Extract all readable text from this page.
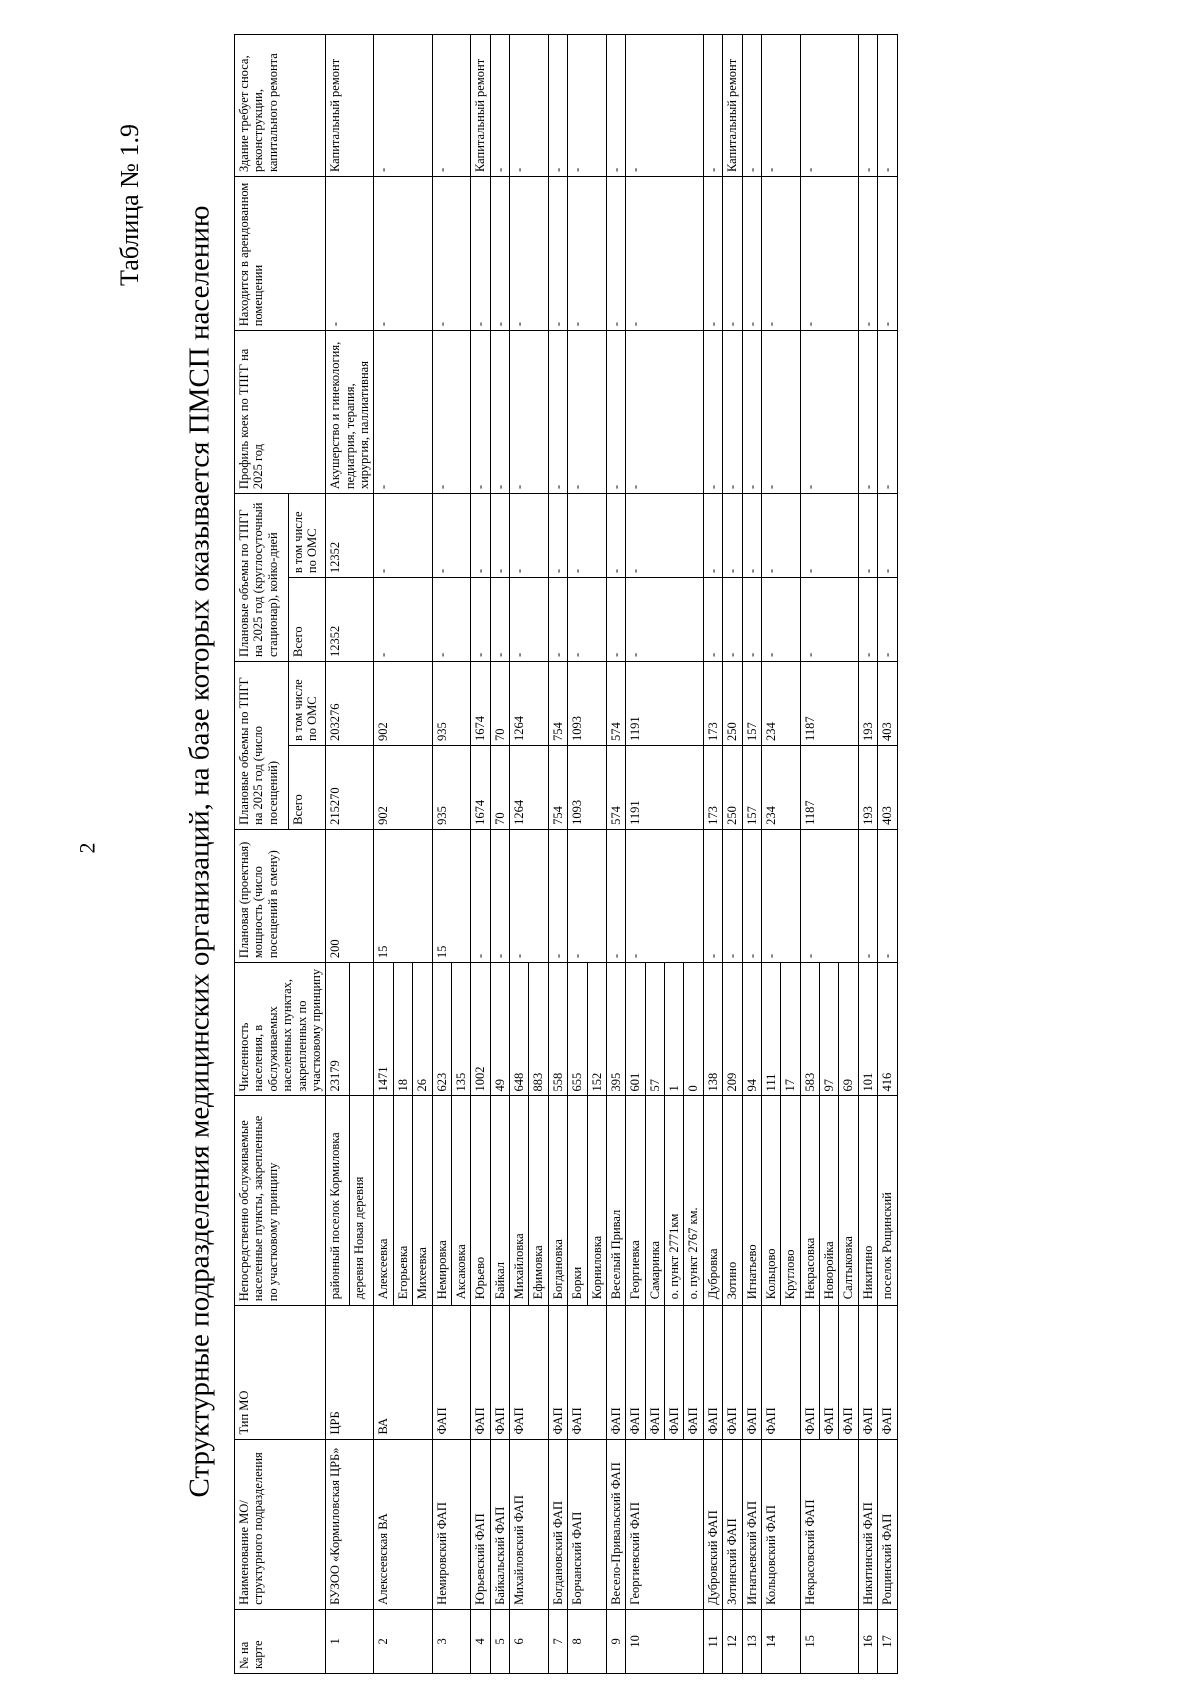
2
Таблица № 1.9
Структурные подразделения медицинских организаций, на базе которых оказывается ПМСП населению
№ на карте	Наименование МО/ структурного подразделения	Тип МО	Непосредственно обслуживаемые населенные пункты, закрепленные по участковому принципу	Численность населения, в обслуживаемых населенных пунктах, закрепленных по участковому принципу	Плановая (проектная) мощность (число посещений в смену)	Плановые объемы по ТПГГ на 2025 год (число посещений)		Плановые объемы по ТПГГ на 2025 год (круглосуточный стационар), койко-дней		Профиль коек по ТПГГ на 2025 год	Находится в арендованном помещении	Здание требует сноса, реконструкции, капитального ремонта
						Всего	в том числе по ОМС	Всего	в том числе по ОМС			
1	БУЗОО «Кормиловская ЦРБ»	ЦРБ	районный поселок Кормиловка	23179	200	215270	203276	12352	12352	Акушерство и гинекология, педиатрия, терапия, хирургия, паллиативная	-	Капитальный ремонт
			деревня Новая деревня									
2	Алексеевская ВА	ВА	Алексеевка	1471	15	902	902	-	-	-	-	-
			Егорьевка	18								
			Михеевка	26								
3	Немировский ФАП	ФАП	Немировка	623	15	935	935	-	-	-	-	-
			Аксаковка	135								
4	Юрьевский ФАП	ФАП	Юрьево	1002	-	1674	1674	-	-	-	-	Капитальный ремонт
5	Байкальский ФАП	ФАП	Байкал	49	-	70	70	-	-	-	-	-
6	Михайловский ФАП	ФАП	Михайловка	648	-	1264	1264	-	-	-	-	-
			Ефимовка	883								
7	Богдановский ФАП	ФАП	Богдановка	558	-	754	754	-	-	-	-	-
8	Борчанский ФАП	ФАП	Борки	655	-	1093	1093	-	-	-	-	-
			Корниловка	152								
9	Весело-Привальский ФАП	ФАП	Веселый Привал	395	-	574	574	-	-	-	-	-
10	Георгиевский ФАП	ФАП	Георгиевка	601	-	1191	1191	-	-	-	-	-
		ФАП	Самаринка	57								
		ФАП	о. пункт 2771км	1								
		ФАП	о. пункт 2767 км.	0								
11	Дубровский ФАП	ФАП	Дубровка	138	-	173	173	-	-	-	-	-
12	Зотинский ФАП	ФАП	Зотино	209	-	250	250	-	-	-	-	Капитальный ремонт
13	Игнатьевский ФАП	ФАП	Игнатьево	94	-	157	157	-	-	-	-	-
14	Кольцовский ФАП	ФАП	Кольцово	111	-	234	234	-	-	-	-	-
			Круглово	17								
15	Некрасовский ФАП	ФАП	Некрасовка	583	-	1187	1187	-	-	-	-	-
		ФАП	Новоройка	97								
		ФАП	Салтыковка	69								
16	Никитинский ФАП	ФАП	Никитино	101	-	193	193	-	-	-	-	-
17	Рощинский ФАП	ФАП	поселок Рощинский	416	-	403	403	-	-	-	-	-
